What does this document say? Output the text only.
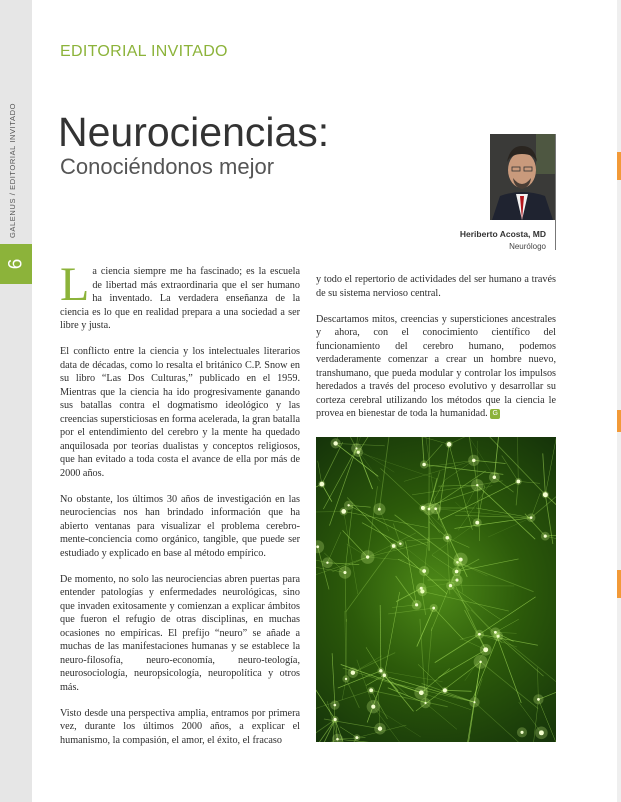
GALENUS / EDITORIAL INVITADO
6
EDITORIAL INVITADO
Neurociencias:
Conociéndonos mejor
Heriberto Acosta, MD
Neurólogo

La ciencia siempre me ha fascinado; es la escuela de libertad más extraordinaria que el ser humano ha inventado. La verdadera enseñanza de la ciencia es lo que en realidad prepara a una sociedad a ser libre y justa.

El conflicto entre la ciencia y los intelectuales literarios data de décadas, como lo resalta el británico C.P. Snow en su libro “Las Dos Culturas,” publicado en el 1959. Mientras que la ciencia ha ido progresivamente ganando sus batallas contra el dogmatismo ideológico y las creencias supersticiosas en forma acelerada, la gran batalla por el entendimiento del cerebro y la mente ha quedado anquilosada por teorías dualistas y conceptos religiosos, que han evitado a toda costa el avance de ella por más de 2000 años.

No obstante, los últimos 30 años de investigación en las neurociencias nos han brindado información que ha abierto ventanas para visualizar el problema cerebro-mente-conciencia como orgánico, tangible, que puede ser estudiado y explicado en base al método empírico.

De momento, no solo las neurociencias abren puertas para entender patologías y enfermedades neurológicas, sino que invaden exitosamente y comienzan a explicar ámbitos que fueron el refugio de otras disciplinas, en muchas ocasiones no empíricas. El prefijo “neuro” se añade a muchas de las manifestaciones humanas y se establece la neuro-filosofía, neuro-economía, neuro-teología, neurosociología, neuropsicología, neuropolítica y otros más.

Visto desde una perspectiva amplia, entramos por primera vez, durante los últimos 2000 años, a explicar el humanismo, la compasión, el amor, el éxito, el fracaso

y todo el repertorio de actividades del ser humano a través de su sistema nervioso central.

Descartamos mitos, creencias y supersticiones ancestrales y ahora, con el conocimiento científico del funcionamiento del cerebro humano, podemos verdaderamente comenzar a crear un hombre nuevo, transhumano, que pueda modular y controlar los impulsos heredados a través del proceso evolutivo y desarrollar su corteza cerebral utilizando los métodos que la ciencia le provea en bienestar de toda la humanidad. G
